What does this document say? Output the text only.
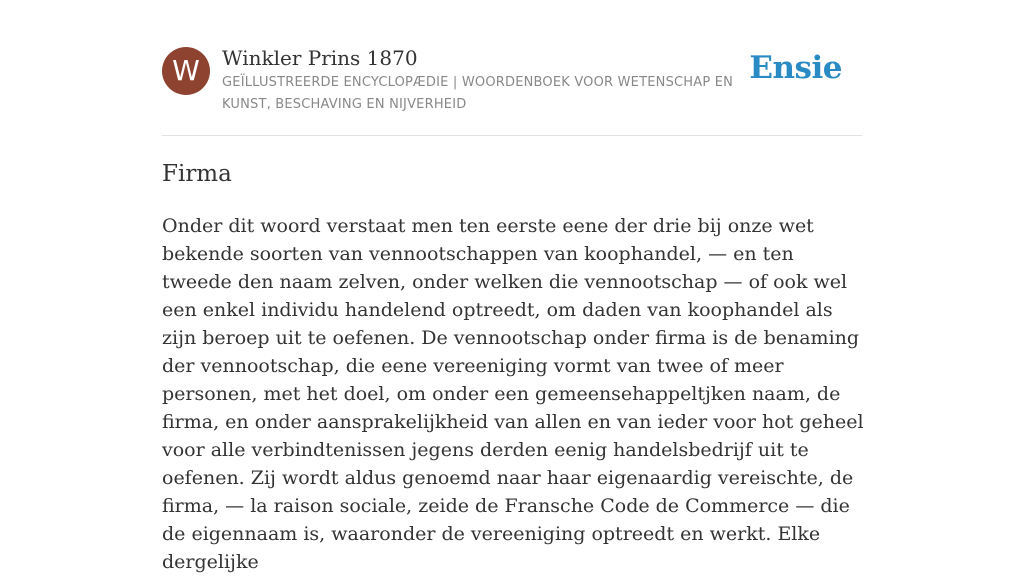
W	Winkler Prins 1870
GEÏLLUSTREERDE ENCYCLOPÆDIE | WOORDENBOEK VOOR WETENSCHAP EN KUNST, BESCHAVING EN NIJVERHEID
Ensie
Firma

Onder dit woord verstaat men ten eerste eene der drie bij onze wet bekende soorten van vennootschappen van koophandel, — en ten tweede den naam zelven, onder welken die vennootschap — of ook wel een enkel individu handelend optreedt, om daden van koophandel als zijn beroep uit te oefenen. De vennootschap onder firma is de benaming der vennootschap, die eene vereeniging vormt van twee of meer personen, met het doel, om onder een gemeensehappeltjken naam, de firma, en onder aansprakelijkheid van allen en van ieder voor hot geheel voor alle verbindtenissen jegens derden eenig handelsbedrijf uit te oefenen. Zij wordt aldus genoemd naar haar eigenaardig vereischte, de firma, — la raison sociale, zeide de Fransche Code de Commerce — die de eigennaam is, waaronder de vereeniging optreedt en werkt. Elke dergelijke
